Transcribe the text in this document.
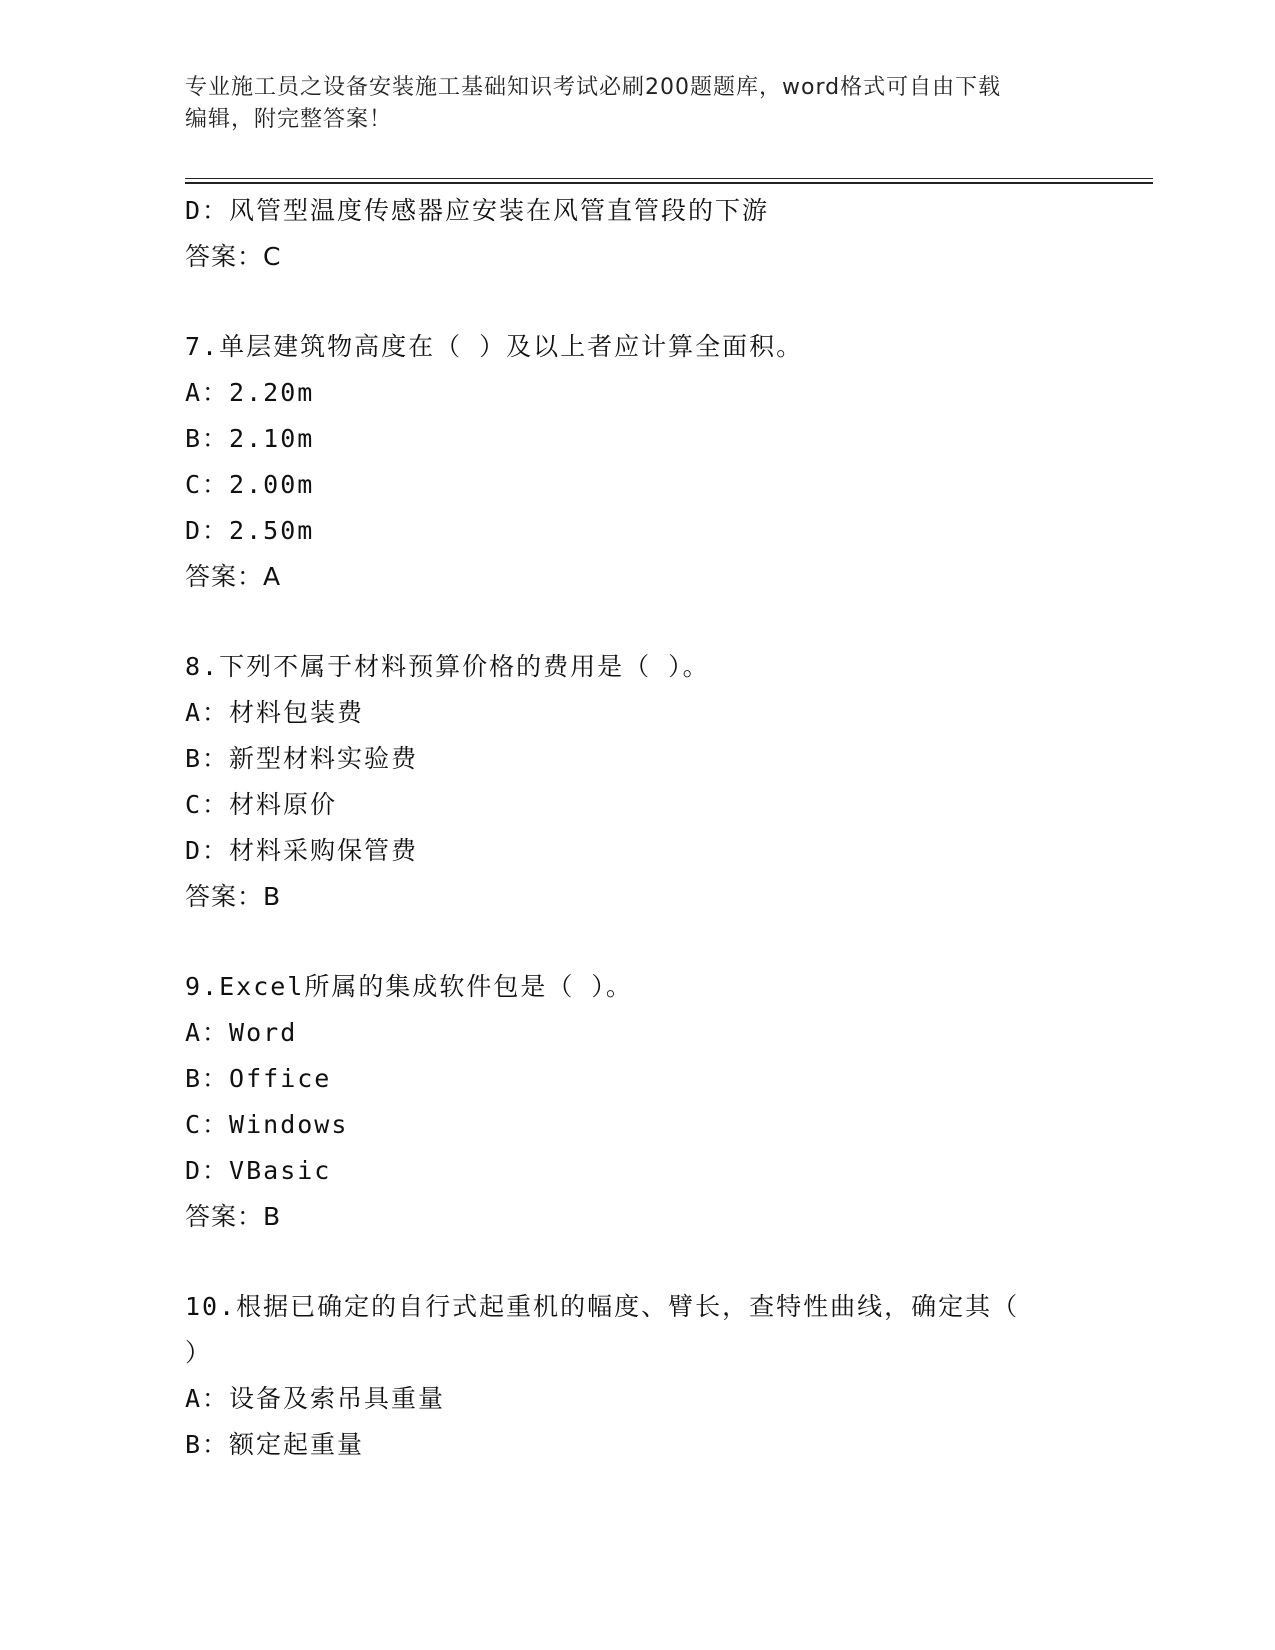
专业施工员之设备安装施工基础知识考试必刷200题题库，word格式可自由下载
编辑，附完整答案！
D：风管型温度传感器应安装在风管直管段的下游
答案：C
7.单层建筑物高度在（ ）及以上者应计算全面积。
A：2.20m
B：2.10m
C：2.00m
D：2.50m
答案：A
8.下列不属于材料预算价格的费用是（ ）。
A：材料包装费
B：新型材料实验费
C：材料原价
D：材料采购保管费
答案：B
9.Excel所属的集成软件包是（ ）。
A：Word
B：Office
C：Windows
D：VBasic
答案：B
10.根据已确定的自行式起重机的幅度、臂长，查特性曲线，确定其（
）
A：设备及索吊具重量
B：额定起重量
